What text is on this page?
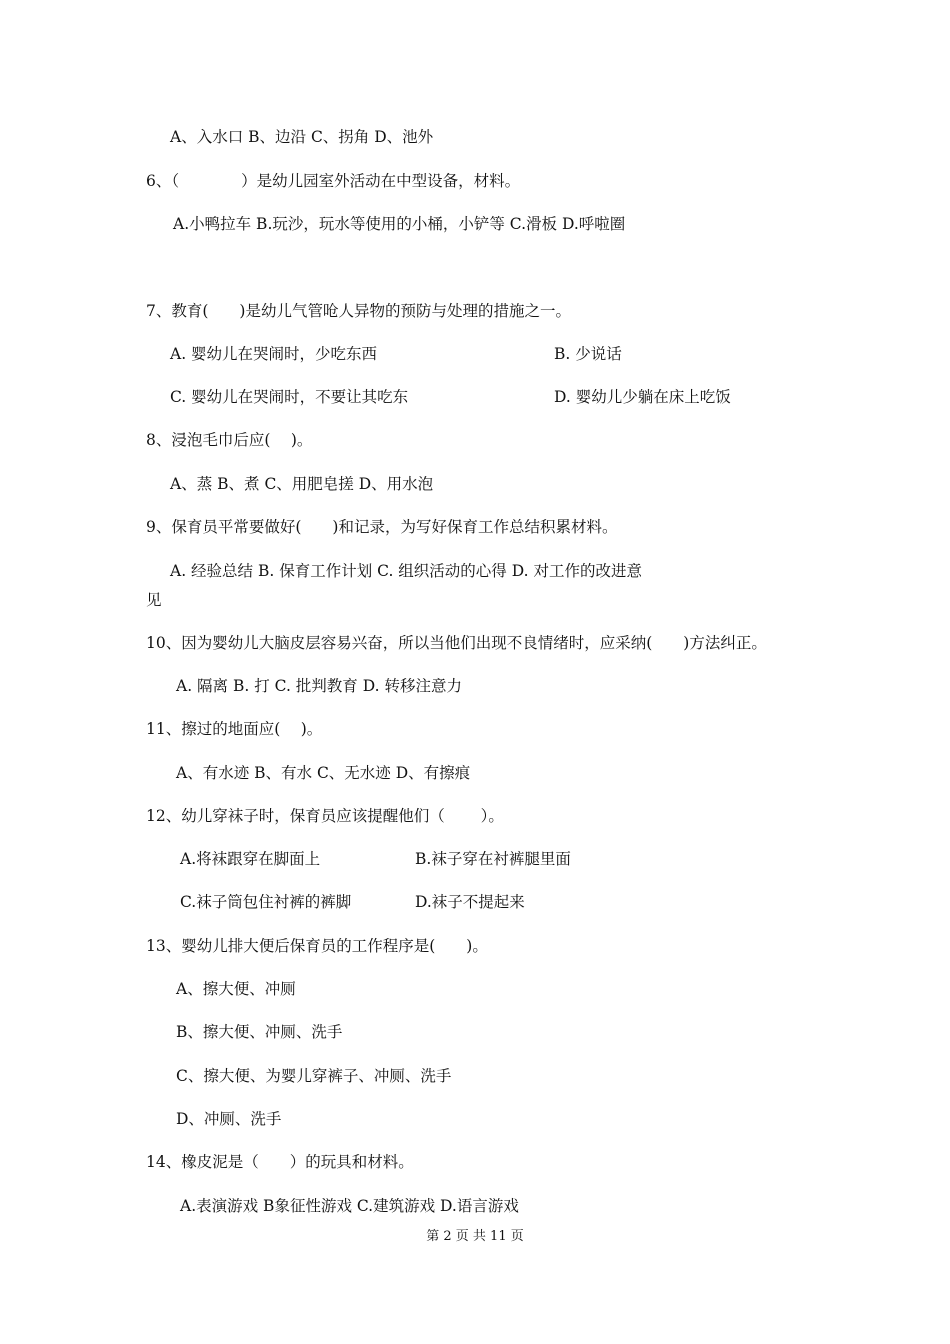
A、入水口 B、边沿 C、拐角 D、池外
6、（　　　　）是幼儿园室外活动在中型设备，材料。
A.小鸭拉车 B.玩沙，玩水等使用的小桶，小铲等 C.滑板 D.呼啦圈
7、教育(　　)是幼儿气管呛人异物的预防与处理的措施之一。
A. 婴幼儿在哭闹时，少吃东西	B. 少说话
C. 婴幼儿在哭闹时，不要让其吃东	D. 婴幼儿少躺在床上吃饭
8、浸泡毛巾后应(　 )。
A、蒸 B、煮 C、用肥皂搓 D、用水泡
9、保育员平常要做好(　　)和记录，为写好保育工作总结积累材料。
A. 经验总结 B. 保育工作计划 C. 组织活动的心得 D. 对工作的改进意
见
10、因为婴幼儿大脑皮层容易兴奋，所以当他们出现不良情绪时，应采纳(　　)方法纠正。
A. 隔离 B. 打 C. 批判教育 D. 转移注意力
11、擦过的地面应(　 )。
A、有水迹 B、有水 C、无水迹 D、有擦痕
12、幼儿穿袜子时，保育员应该提醒他们（　　 ）。
A.将袜跟穿在脚面上	B.袜子穿在衬裤腿里面
C.袜子筒包住衬裤的裤脚	D.袜子不提起来
13、婴幼儿排大便后保育员的工作程序是(　　)。
A、擦大便、冲厕
B、擦大便、冲厕、洗手
C、擦大便、为婴儿穿裤子、冲厕、洗手
D、冲厕、洗手
14、橡皮泥是（　　）的玩具和材料。
A.表演游戏 B象征性游戏 C.建筑游戏 D.语言游戏
第 2 页 共 11 页
